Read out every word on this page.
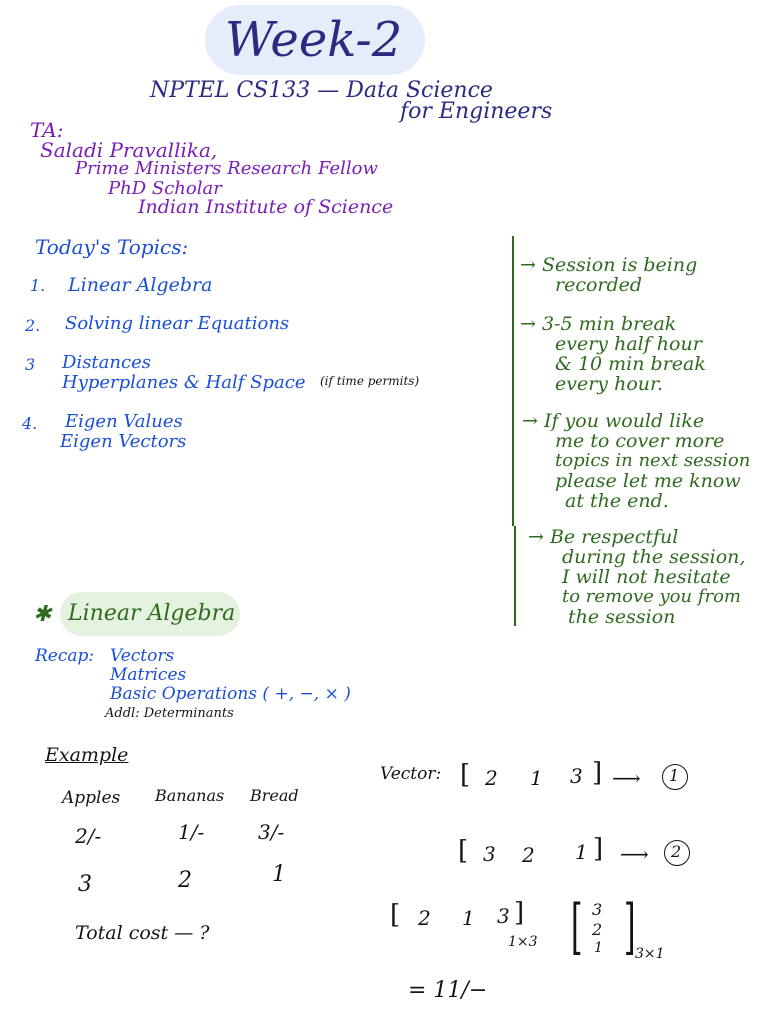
Week-2
NPTEL CS133 — Data Science
for Engineers
TA:
Saladi Pravallika,
Prime Ministers Research Fellow
PhD Scholar
Indian Institute of Science
Today's Topics:
1. Linear Algebra
2. Solving linear Equations
3 Distances
Hyperplanes & Half Space (if time permits)
4. Eigen Values
Eigen Vectors
→ Session is being
recorded
→ 3-5 min break
every half hour
& 10 min break
every hour.
→ If you would like
me to cover more
topics in next session
please let me know
at the end.
→ Be respectful
during the session,
I will not hesitate
to remove you from
the session
✱ Linear Algebra
Recap: Vectors
Matrices
Basic Operations ( +, −, × )
Addl: Determinants
Example
Apples Bananas Bread
2/-	1/-	3/-
3	2	1
Total cost — ?
Vector: [ 2 1 3 ] ⟶ 1
[ 3 2 1 ] ⟶ 2
[ 2 1 3 ]
1×3 [ 3
2
1 ] 3×1
= 11/−
